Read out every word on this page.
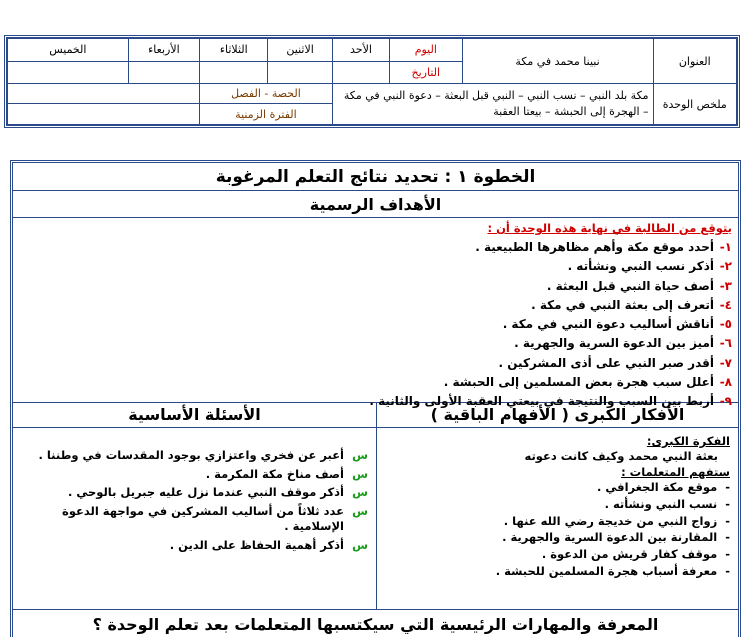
العنوان	نبينا محمد في مكة	اليوم	الأحد	الاثنين	الثلاثاء	الأربعاء	الخميس
		التاريخ					

ملخص الوحدة	مكة بلد النبي – نسب النبي – النبي قبل البعثة – دعوة النبي في مكة
– الهجرة إلى الحبشة – بيعتا العقبة			الحصة - الفصل			
				الفترة الزمنية			
الخطوة ١ : تحديد نتائج التعلم المرغوبة
الأهداف الرسمية
يتوقع من الطالبة في نهاية هذه الوحدة أن :
١-أحدد موقع مكة وأهم مظاهرها الطبيعية .
٢-أذكر نسب النبي ونشأته .
٣-أصف حياة النبي قبل البعثة .
٤-أتعرف إلى بعثة النبي في مكة .
٥-أناقش أساليب دعوة النبي في مكة .
٦-أميز بين الدعوة السرية والجهرية .
٧-أقدر صبر النبي على أذى المشركين .
٨-أعلل سبب هجرة بعض المسلمين إلى الحبشة .
٩-أربط بين السبب والنتيجة في بيعتي العقبة الأولى والثانية .
الأفكار الكبرى ( الأفهام الباقية )
الفكرة الكبرى:
بعثة النبي محمد وكيف كانت دعوته
ستفهم المتعلمات :
-موقع مكة الجغرافي .
-نسب النبي ونشأته .
-زواج النبي من خديجة رضي الله عنها .
-المقارنة بين الدعوة السرية والجهرية .
-موقف كفار قريش من الدعوة .
-معرفة أسباب هجرة المسلمين للحبشة .
الأسئلة الأساسية
س
أعبر عن فخري واعتزازي بوجود المقدسات في وطننا .
س
أصف مناخ مكة المكرمة .
س
أذكر موقف النبي عندما نزل عليه جبريل بالوحي .
س
عدد ثلاثاً من أساليب المشركين في مواجهة الدعوة الإسلامية .
س
أذكر أهمية الحفاظ على الدين .
المعرفة والمهارات الرئيسية التي سيكتسبها المتعلمات بعد تعلم الوحدة ؟
